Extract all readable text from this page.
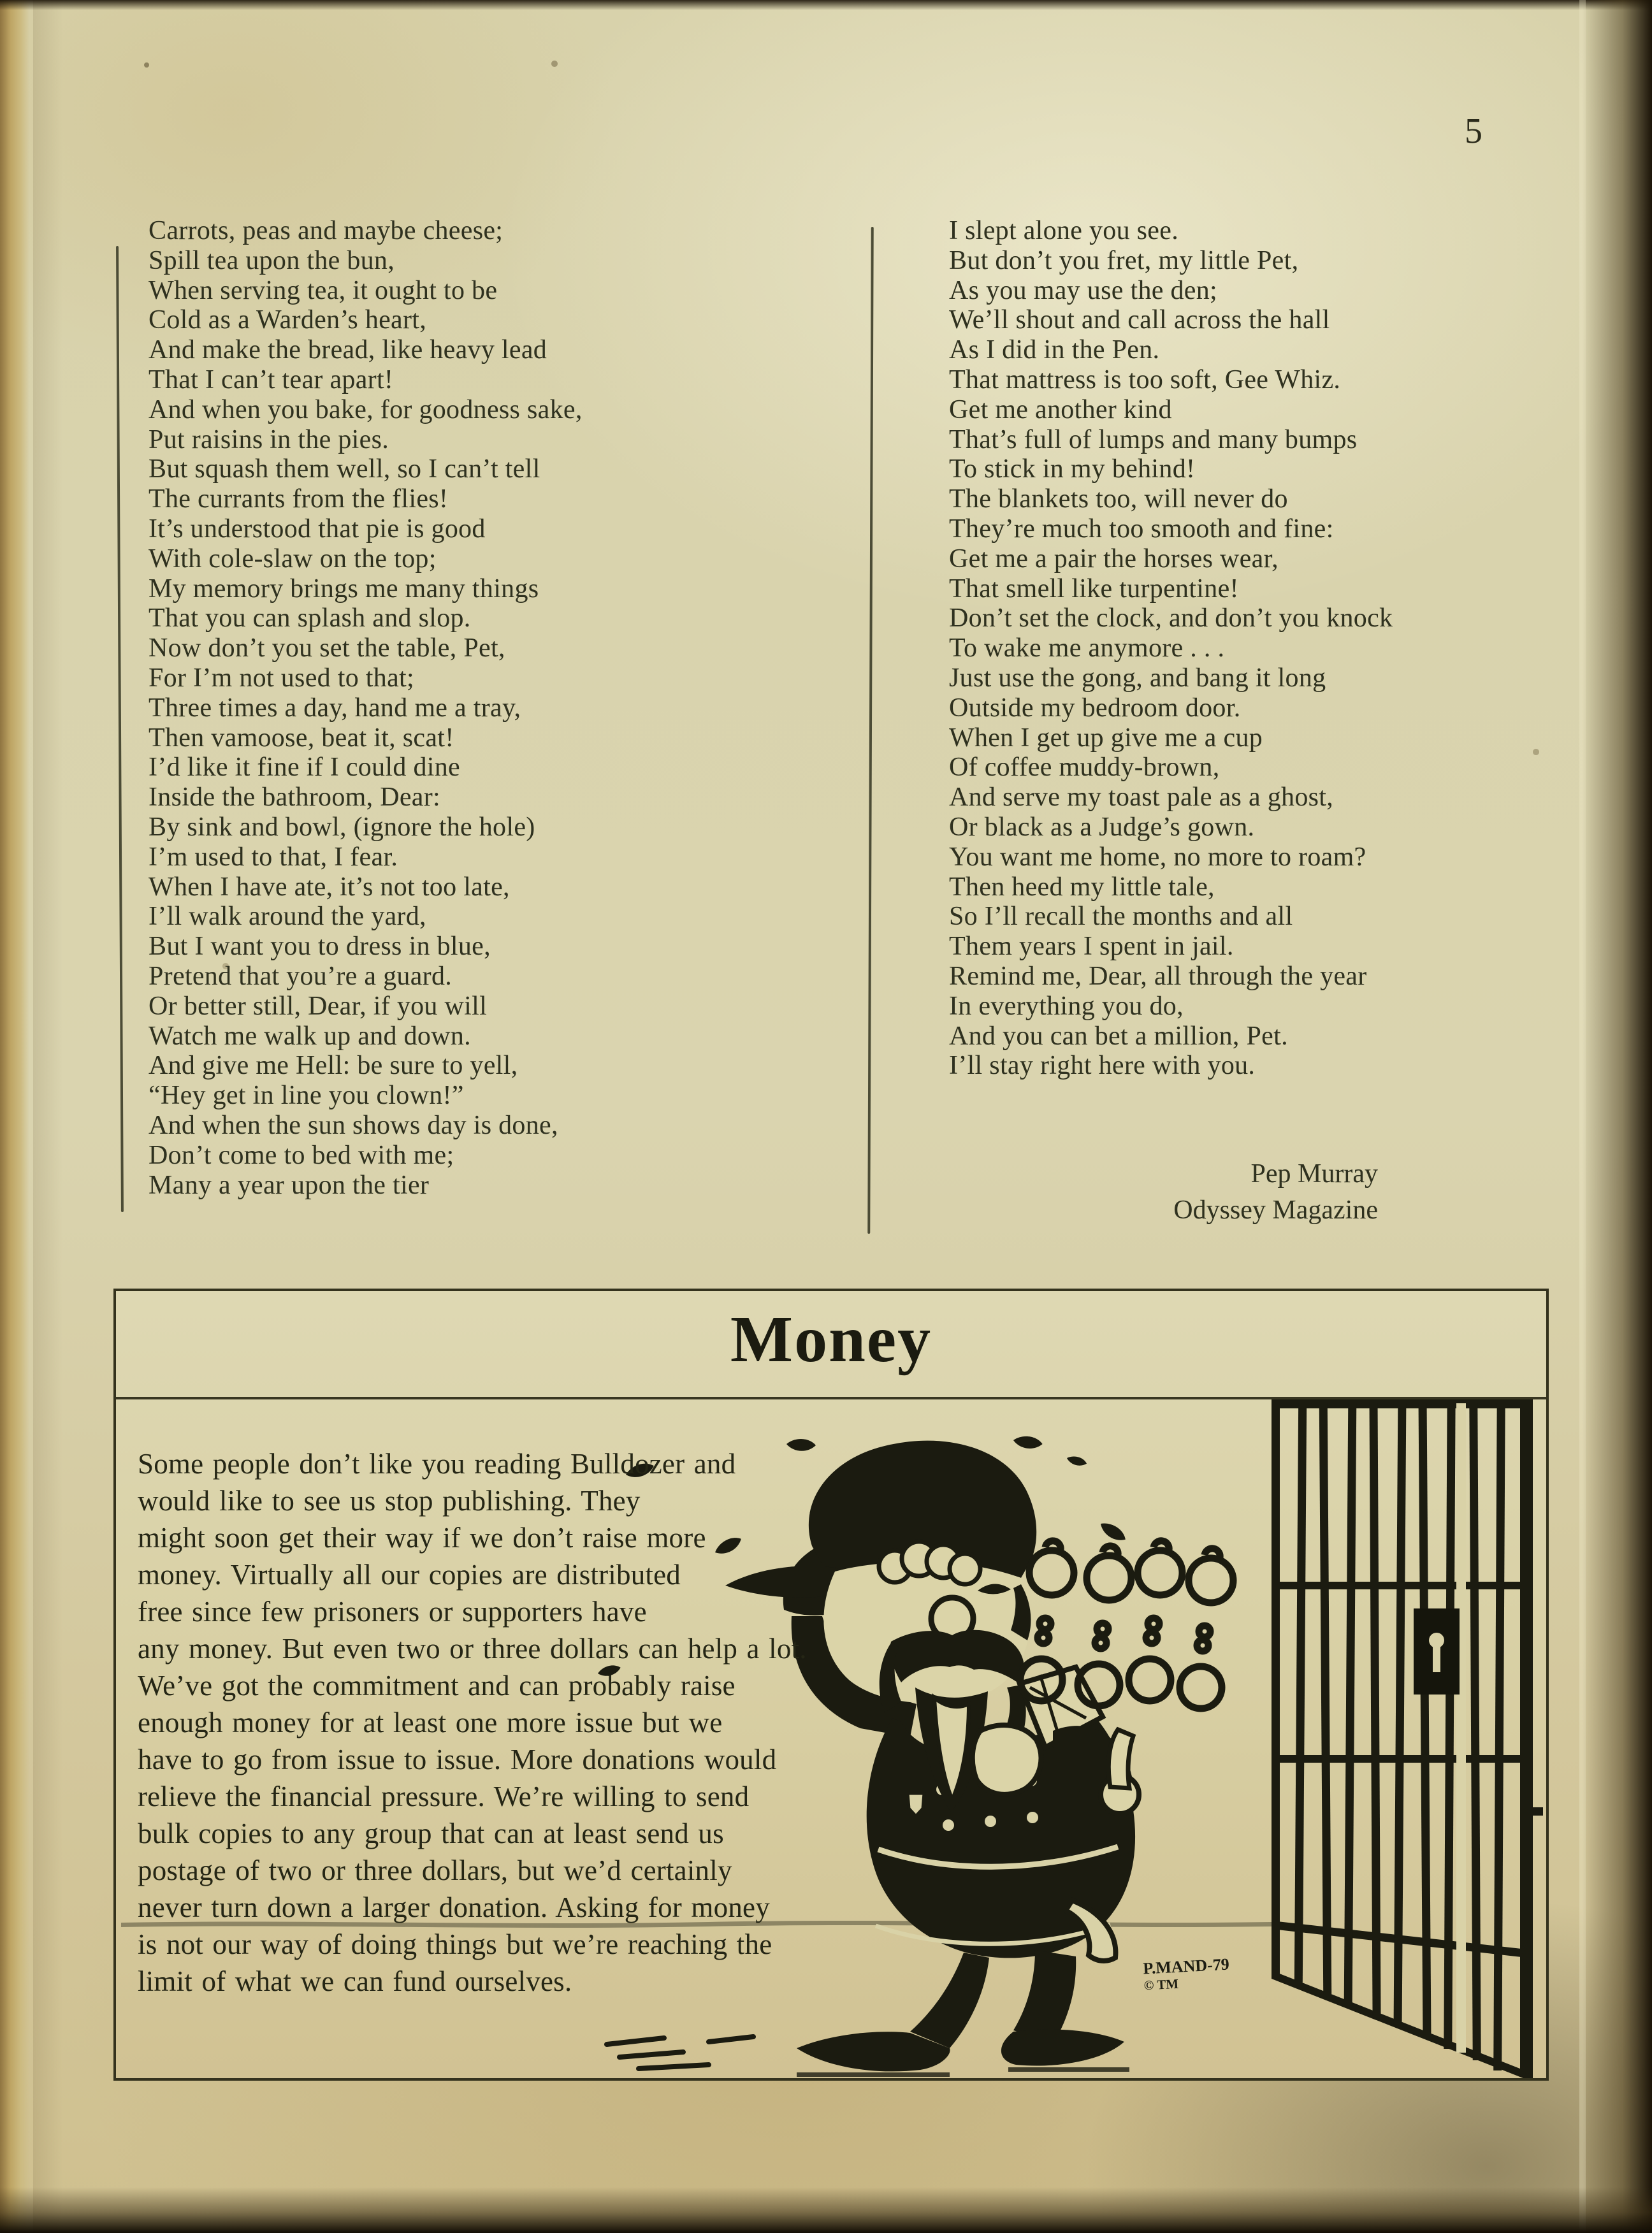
5
Carrots, peas and maybe cheese;
Spill tea upon the bun,
When serving tea, it ought to be
Cold as a Warden’s heart,
And make the bread, like heavy lead
That I can’t tear apart!
And when you bake, for goodness sake,
Put raisins in the pies.
But squash them well, so I can’t tell
The currants from the flies!
It’s understood that pie is good
With cole-slaw on the top;
My memory brings me many things
That you can splash and slop.
Now don’t you set the table, Pet,
For I’m not used to that;
Three times a day, hand me a tray,
Then vamoose, beat it, scat!
I’d like it fine if I could dine
Inside the bathroom, Dear:
By sink and bowl, (ignore the hole)
I’m used to that, I fear.
When I have ate, it’s not too late,
I’ll walk around the yard,
But I want you to dress in blue,
Pretend that you’re a guard.
Or better still, Dear, if you will
Watch me walk up and down.
And give me Hell: be sure to yell,
“Hey get in line you clown!”
And when the sun shows day is done,
Don’t come to bed with me;
Many a year upon the tier
I slept alone you see.
But don’t you fret, my little Pet,
As you may use the den;
We’ll shout and call across the hall
As I did in the Pen.
That mattress is too soft, Gee Whiz.
Get me another kind
That’s full of lumps and many bumps
To stick in my behind!
The blankets too, will never do
They’re much too smooth and fine:
Get me a pair the horses wear,
That smell like turpentine!
Don’t set the clock, and don’t you knock
To wake me anymore . . .
Just use the gong, and bang it long
Outside my bedroom door.
When I get up give me a cup
Of coffee muddy-brown,
And serve my toast pale as a ghost,
Or black as a Judge’s gown.
You want me home, no more to roam?
Then heed my little tale,
So I’ll recall the months and all
Them years I spent in jail.
Remind me, Dear, all through the year
In everything you do,
And you can bet a million, Pet.
I’ll stay right here with you.
Pep Murray
Odyssey Magazine
Money
Some people don’t like you reading Bulldozer and
would like to see us stop publishing. They
might soon get their way if we don’t raise more
money. Virtually all our copies are distributed
free since few prisoners or supporters have
any money. But even two or three dollars can help a lot.
We’ve got the commitment and can probably raise
enough money for at least one more issue but we
have to go from issue to issue. More donations would
relieve the financial pressure. We’re willing to send
bulk copies to any group that can at least send us
postage of two or three dollars, but we’d certainly
never turn down a larger donation. Asking for money
is not our way of doing things but we’re reaching the
limit of what we can fund ourselves.	P.MAND-79
© TM
